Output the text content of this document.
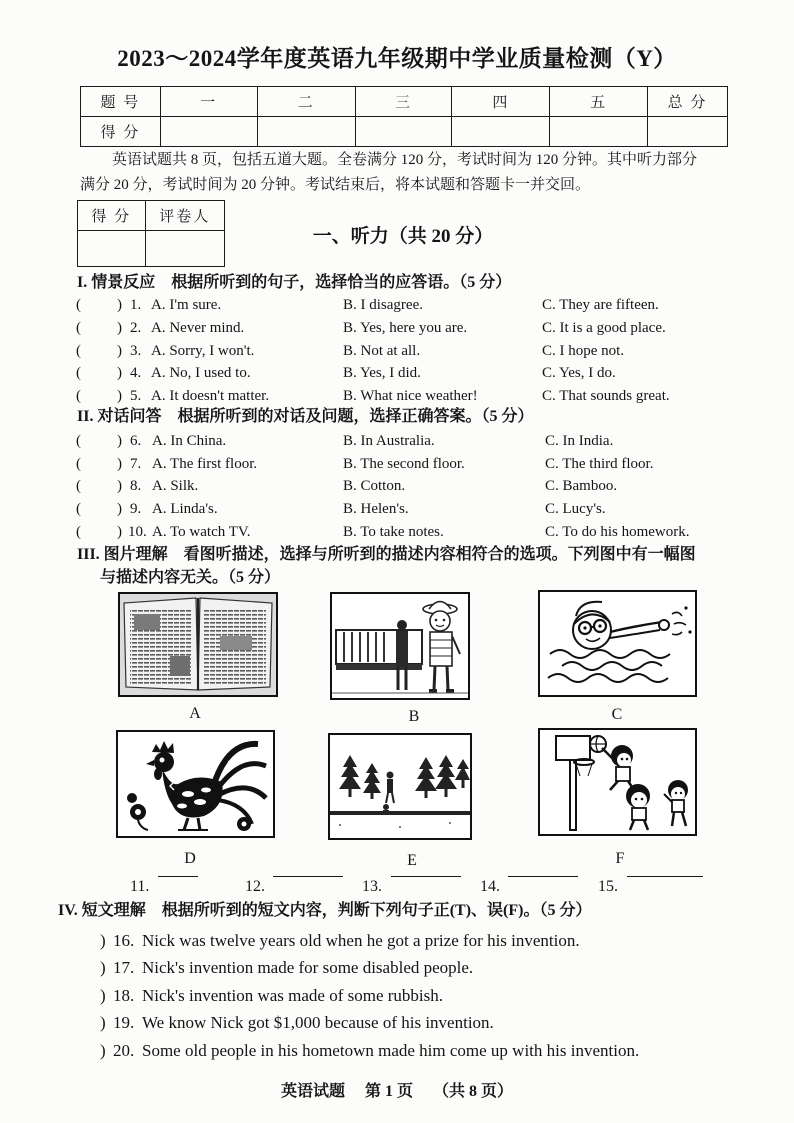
2023～2024学年度英语九年级期中学业质量检测（Y）
题 号	一	二	三	四	五	总 分
得 分						
英语试题共 8 页，包括五道大题。全卷满分 120 分，考试时间为 120 分钟。其中听力部分
满分 20 分，考试时间为 20 分钟。考试结束后，将本试题和答题卡一并交回。
得 分	评卷人

一、听力（共 20 分）
I. 情景反应　根据所听到的句子，选择恰当的应答语。（5 分）
( ) 1. A. I'm sure.	B. I disagree.	C. They are fifteen.
( ) 2. A. Never mind.	B. Yes, here you are.	C. It is a good place.
( ) 3. A. Sorry, I won't.	B. Not at all.	C. I hope not.
( ) 4. A. No, I used to.	B. Yes, I did.	C. Yes, I do.
( ) 5. A. It doesn't matter.	B. What nice weather!	C. That sounds great.
II. 对话问答　根据所听到的对话及问题，选择正确答案。（5 分）
( ) 6. A. In China.	B. In Australia.	C. In India.
( ) 7. A. The first floor.	B. The second floor.	C. The third floor.
( ) 8. A. Silk.	B. Cotton.	C. Bamboo.
( ) 9. A. Linda's.	B. Helen's.	C. Lucy's.
( ) 10. A. To watch TV.	B. To take notes.	C. To do his homework.
III. 图片理解　看图听描述，选择与所听到的描述内容相符合的选项。下列图中有一幅图
与描述内容无关。（5 分）
A	B	C
D	E	F
11.	12.	13.	14.	15.
IV. 短文理解　根据所听到的短文内容，判断下列句子正(T)、误(F)。（5 分）
) 16. Nick was twelve years old when he got a prize for his invention.
) 17. Nick's invention made for some disabled people.
) 18. Nick's invention was made of some rubbish.
) 19. We know Nick got $1,000 because of his invention.
) 20. Some old people in his hometown made him come up with his invention.
英语试题 第 1 页 （共 8 页）
